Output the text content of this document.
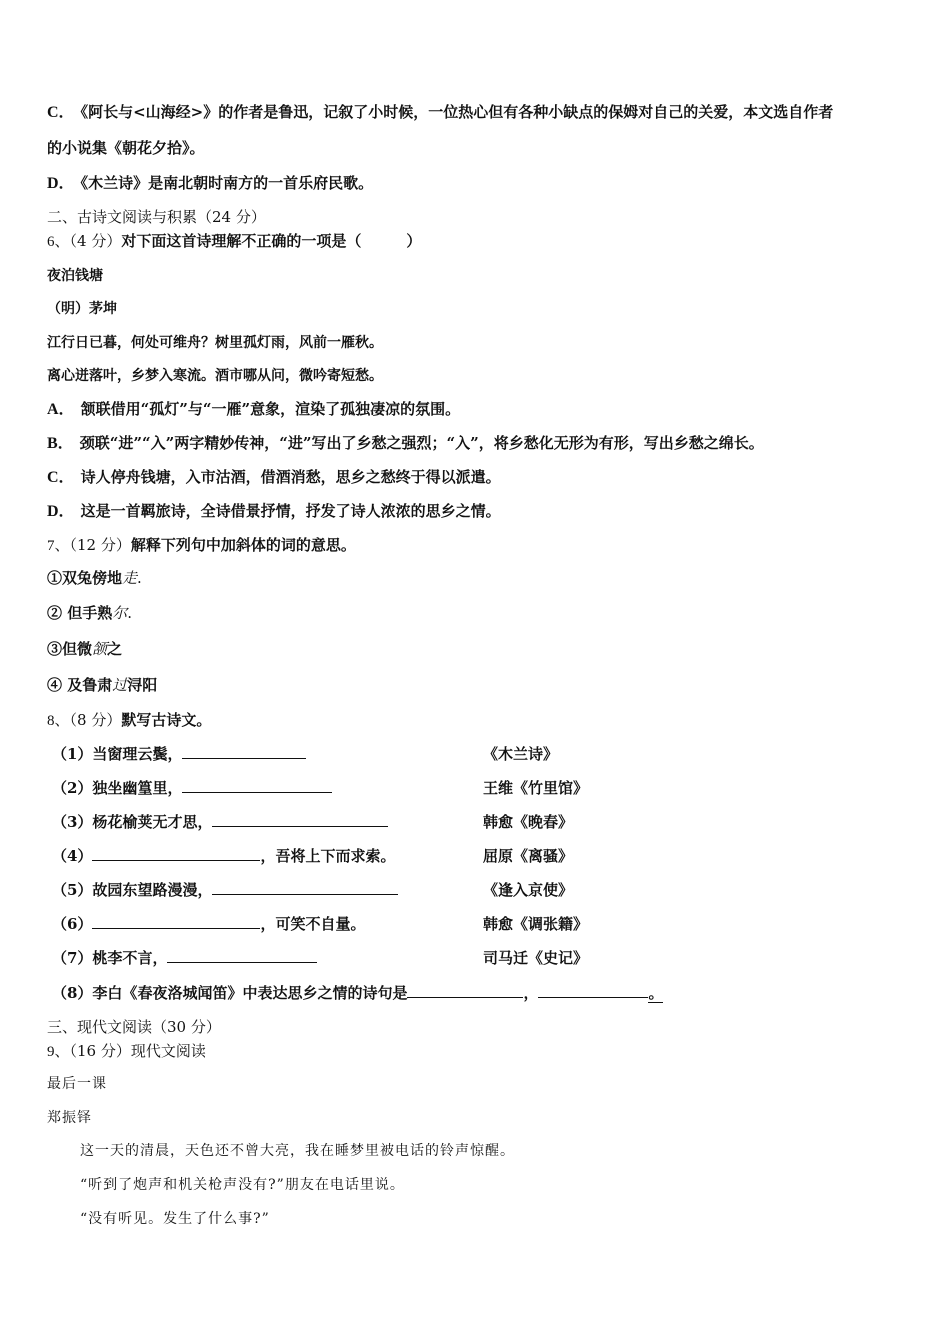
C． 《阿长与<山海经>》的作者是鲁迅，记叙了小时候，一位热心但有各种小缺点的保姆对自己的关爱，本文选自作者
的小说集《朝花夕拾》。
D． 《木兰诗》是南北朝时南方的一首乐府民歌。
二、古诗文阅读与积累（24 分）
6、（4 分）对下面这首诗理解不正确的一项是（　　　）
夜泊钱塘
（明）茅坤
江行日已暮，何处可维舟？树里孤灯雨，风前一雁秋。
离心迸落叶，乡梦入寒流。酒市哪从问，微吟寄短愁。
A． 颔联借用“孤灯”与“一雁”意象，渲染了孤独凄凉的氛围。
B． 颈联“进”“入”两字精妙传神，“进”写出了乡愁之强烈；“入”，将乡愁化无形为有形，写出乡愁之绵长。
C． 诗人停舟钱塘，入市沽酒，借酒消愁，思乡之愁终于得以派遣。
D． 这是一首羁旅诗，全诗借景抒情，抒发了诗人浓浓的思乡之情。
7、（12 分）解释下列句中加斜体的词的意思。
①双兔傍地走.
② 但手熟尔.
③但微颔之
④ 及鲁肃过浔阳
8、（8 分）默写古诗文。
（1）当窗理云鬓，	《木兰诗》
（2）独坐幽篁里，	王维《竹里馆》
（3）杨花榆荚无才思，	韩愈《晚春》
（4）	，吾将上下而求索。	屈原《离骚》
（5）故园东望路漫漫，	《逢入京使》
（6）	，可笑不自量。	韩愈《调张籍》
（7）桃李不言，	司马迁《史记》
（8）李白《春夜洛城闻笛》中表达思乡之情的诗句是	，	。
三、现代文阅读（30 分）
9、（16 分）现代文阅读
最后一课
郑振铎
这一天的清晨，天色还不曾大亮，我在睡梦里被电话的铃声惊醒。
“听到了炮声和机关枪声没有?”朋友在电话里说。
“没有听见。发生了什么事?”
